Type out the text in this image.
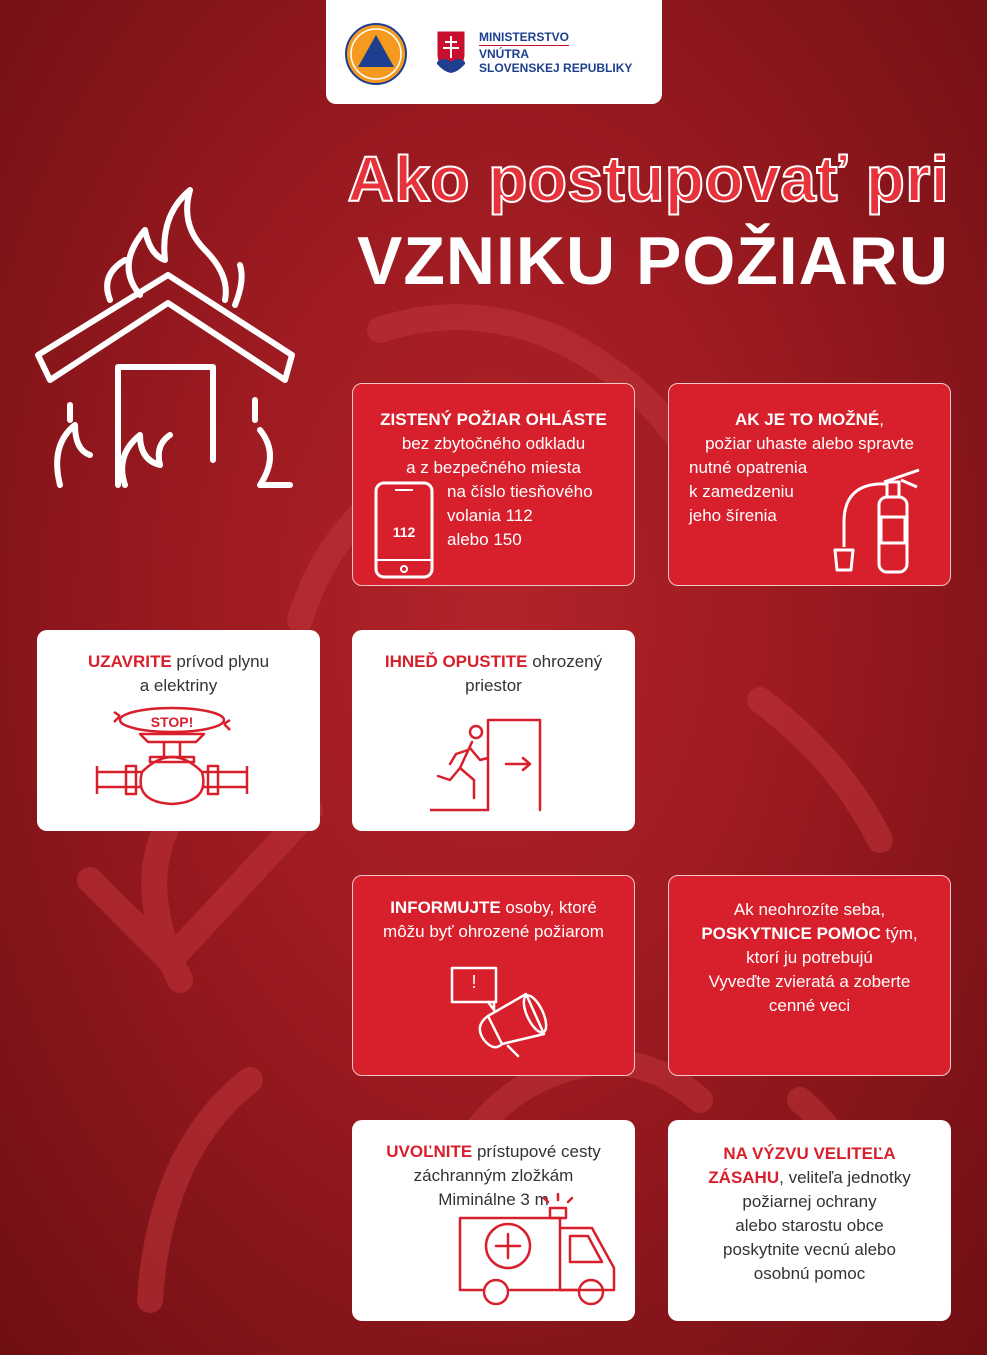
MINISTERSTVO
VNÚTRA
SLOVENSKEJ REPUBLIKY
Ako postupovať pri
VZNIKU POŽIARU
ZISTENÝ POŽIAR OHLÁSTE
bez zbytočného odkladu
a z bezpečného miesta
na číslo tiesňového
volania 112
alebo 150
112
AK JE TO MOŽNÉ,
požiar uhaste alebo spravte
nutné opatrenia
k zamedzeniu
jeho šírenia
UZAVRITE prívod plynu
a elektriny
STOP!
IHNEĎ OPUSTITE ohrozený
priestor
INFORMUJTE osoby, ktoré
môžu byť ohrozené požiarom
!
Ak neohrozíte seba,
POSKYTNICE POMOC tým,
ktorí ju potrebujú
Vyveďte zvieratá a zoberte
cenné veci
UVOĽNITE prístupové cesty
záchranným zložkám
Miminálne 3 m
NA VÝZVU VELITEĽA
ZÁSAHU, veliteľa jednotky
požiarnej ochrany
alebo starostu obce
poskytnite vecnú alebo
osobnú pomoc
